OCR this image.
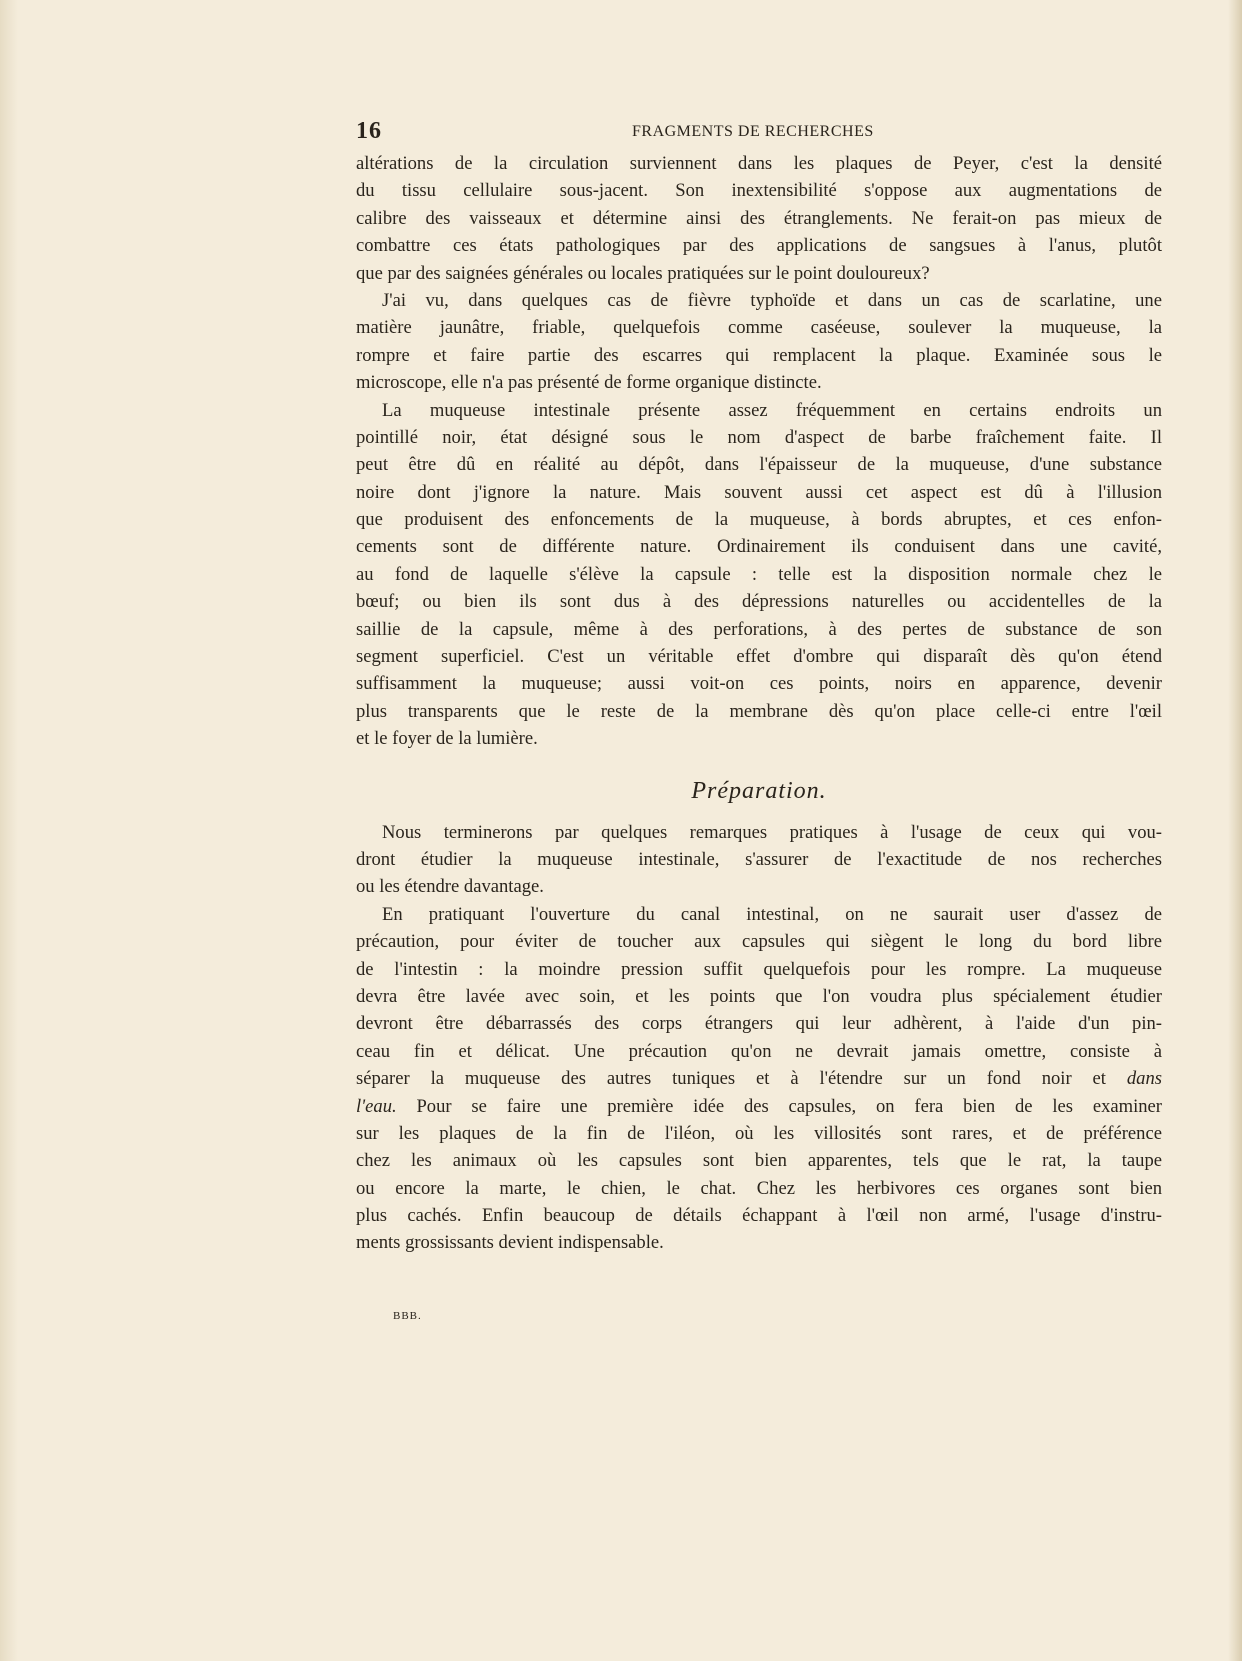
16	FRAGMENTS DE RECHERCHES
altérations de la circulation surviennent dans les plaques de Peyer, c'est la densité
du tissu cellulaire sous-jacent. Son inextensibilité s'oppose aux augmentations de
calibre des vaisseaux et détermine ainsi des étranglements. Ne ferait-on pas mieux de
combattre ces états pathologiques par des applications de sangsues à l'anus, plutôt
que par des saignées générales ou locales pratiquées sur le point douloureux?
J'ai vu, dans quelques cas de fièvre typhoïde et dans un cas de scarlatine, une
matière jaunâtre, friable, quelquefois comme caséeuse, soulever la muqueuse, la
rompre et faire partie des escarres qui remplacent la plaque. Examinée sous le
microscope, elle n'a pas présenté de forme organique distincte.
La muqueuse intestinale présente assez fréquemment en certains endroits un
pointillé noir, état désigné sous le nom d'aspect de barbe fraîchement faite. Il
peut être dû en réalité au dépôt, dans l'épaisseur de la muqueuse, d'une substance
noire dont j'ignore la nature. Mais souvent aussi cet aspect est dû à l'illusion
que produisent des enfoncements de la muqueuse, à bords abruptes, et ces enfon-
cements sont de différente nature. Ordinairement ils conduisent dans une cavité,
au fond de laquelle s'élève la capsule : telle est la disposition normale chez le
bœuf; ou bien ils sont dus à des dépressions naturelles ou accidentelles de la
saillie de la capsule, même à des perforations, à des pertes de substance de son
segment superficiel. C'est un véritable effet d'ombre qui disparaît dès qu'on étend
suffisamment la muqueuse; aussi voit-on ces points, noirs en apparence, devenir
plus transparents que le reste de la membrane dès qu'on place celle-ci entre l'œil
et le foyer de la lumière.
Préparation.
Nous terminerons par quelques remarques pratiques à l'usage de ceux qui vou-
dront étudier la muqueuse intestinale, s'assurer de l'exactitude de nos recherches
ou les étendre davantage.
En pratiquant l'ouverture du canal intestinal, on ne saurait user d'assez de
précaution, pour éviter de toucher aux capsules qui siègent le long du bord libre
de l'intestin : la moindre pression suffit quelquefois pour les rompre. La muqueuse
devra être lavée avec soin, et les points que l'on voudra plus spécialement étudier
devront être débarrassés des corps étrangers qui leur adhèrent, à l'aide d'un pin-
ceau fin et délicat. Une précaution qu'on ne devrait jamais omettre, consiste à
séparer la muqueuse des autres tuniques et à l'étendre sur un fond noir et dans
l'eau. Pour se faire une première idée des capsules, on fera bien de les examiner
sur les plaques de la fin de l'iléon, où les villosités sont rares, et de préférence
chez les animaux où les capsules sont bien apparentes, tels que le rat, la taupe
ou encore la marte, le chien, le chat. Chez les herbivores ces organes sont bien
plus cachés. Enfin beaucoup de détails échappant à l'œil non armé, l'usage d'instru-
ments grossissants devient indispensable.
BBB.
